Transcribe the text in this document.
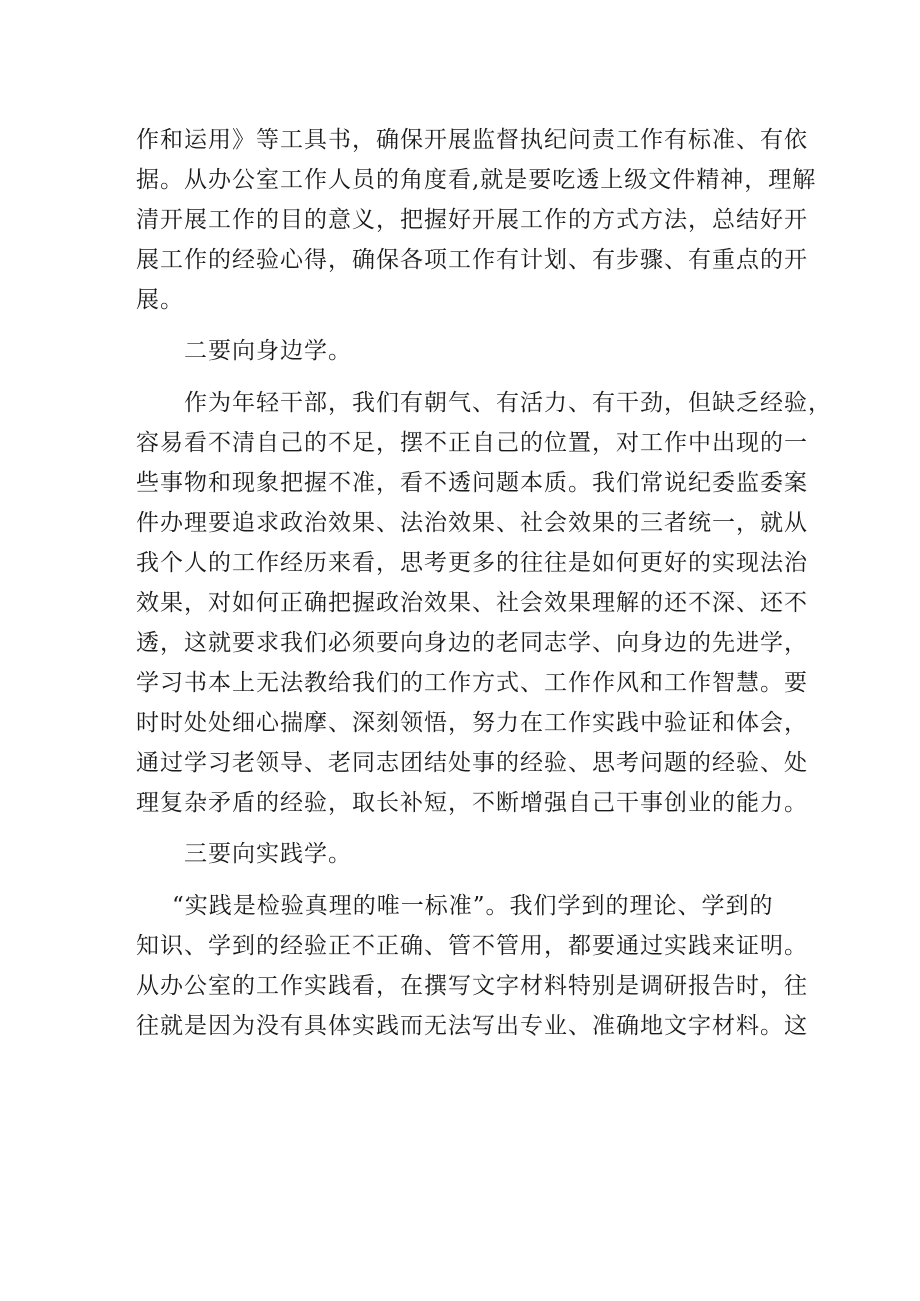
作和运用》等工具书，确保开展监督执纪问责工作有标准、有依
据。从办公室工作人员的角度看,就是要吃透上级文件精神，理解
清开展工作的目的意义，把握好开展工作的方式方法，总结好开
展工作的经验心得，确保各项工作有计划、有步骤、有重点的开
展。
二要向身边学。
作为年轻干部，我们有朝气、有活力、有干劲，但缺乏经验，
容易看不清自己的不足，摆不正自己的位置，对工作中出现的一
些事物和现象把握不准，看不透问题本质。我们常说纪委监委案
件办理要追求政治效果、法治效果、社会效果的三者统一，就从
我个人的工作经历来看，思考更多的往往是如何更好的实现法治
效果，对如何正确把握政治效果、社会效果理解的还不深、还不
透，这就要求我们必须要向身边的老同志学、向身边的先进学，
学习书本上无法教给我们的工作方式、工作作风和工作智慧。要
时时处处细心揣摩、深刻领悟，努力在工作实践中验证和体会，
通过学习老领导、老同志团结处事的经验、思考问题的经验、处
理复杂矛盾的经验，取长补短，不断增强自己干事创业的能力。
三要向实践学。
“实践是检验真理的唯一标准”。我们学到的理论、学到的
知识、学到的经验正不正确、管不管用，都要通过实践来证明。
从办公室的工作实践看，在撰写文字材料特别是调研报告时，往
往就是因为没有具体实践而无法写出专业、准确地文字材料。这
